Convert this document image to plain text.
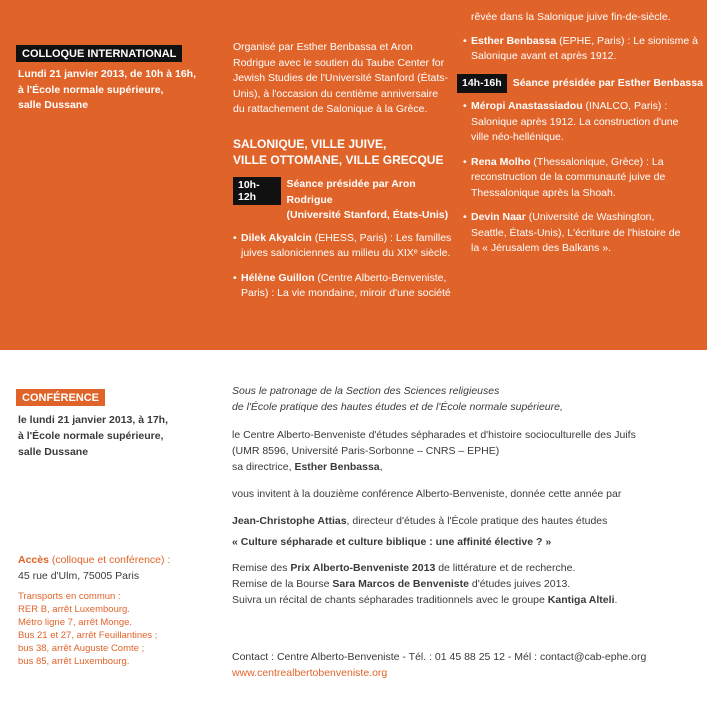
COLLOQUE INTERNATIONAL
Lundi 21 janvier 2013, de 10h à 16h,
à l'École normale supérieure,
salle Dussane
Organisé par Esther Benbassa et Aron
Rodrigue avec le soutien du Taube Center for
Jewish Studies de l'Université Stanford (États-
Unis), à l'occasion du centième anniversaire
du rattachement de Salonique à la Grèce.
SALONIQUE, VILLE JUIVE,
VILLE OTTOMANE, VILLE GRECQUE
10h-12h
Séance présidée par Aron Rodrigue
(Université Stanford, États-Unis)
• Dilek Akyalcin (EHESS, Paris) : Les familles
juives saloniciennes au milieu du XIXᵉ siècle.
• Hélène Guillon (Centre Alberto-Benveniste,
Paris) : La vie mondaine, miroir d'une société
rêvée dans la Salonique juive fin-de-siècle.
• Esther Benbassa (EPHE, Paris) : Le sionisme à
Salonique avant et après 1912.
14h-16h	Séance présidée par Esther Benbassa
• Méropi Anastassiadou (INALCO, Paris) :
Salonique après 1912. La construction d'une
ville néo-hellénique.
• Rena Molho (Thessalonique, Grèce) : La
reconstruction de la communauté juive de
Thessalonique après la Shoah.
• Devin Naar (Université de Washington,
Seattle, États-Unis), L'écriture de l'histoire de
la « Jérusalem des Balkans ».
CONFÉRENCE
le lundi 21 janvier 2013, à 17h,
à l'École normale supérieure,
salle Dussane
Accès (colloque et conférence) :
45 rue d'Ulm, 75005 Paris
Transports en commun :
RER B, arrêt Luxembourg.
Métro ligne 7, arrêt Monge.
Bus 21 et 27, arrêt Feuillantines ;
bus 38, arrêt Auguste Comte ;
bus 85, arrêt Luxembourg.
Sous le patronage de la Section des Sciences religieuses
de l'École pratique des hautes études et de l'École normale supérieure,
le Centre Alberto-Benveniste d'études sépharades et d'histoire socioculturelle des Juifs
(UMR 8596, Université Paris-Sorbonne – CNRS – EPHE)
sa directrice, Esther Benbassa,
vous invitent à la douzième conférence Alberto-Benveniste, donnée cette année par
Jean-Christophe Attias, directeur d'études à l'École pratique des hautes études
« Culture sépharade et culture biblique : une affinité élective ? »
Remise des Prix Alberto-Benveniste 2013 de littérature et de recherche.
Remise de la Bourse Sara Marcos de Benveniste d'études juives 2013.
Suivra un récital de chants sépharades traditionnels avec le groupe Kantiga Alteli.
Contact : Centre Alberto-Benveniste - Tél. : 01 45 88 25 12 - Mél : contact@cab-ephe.org
www.centrealbertobenveniste.org
